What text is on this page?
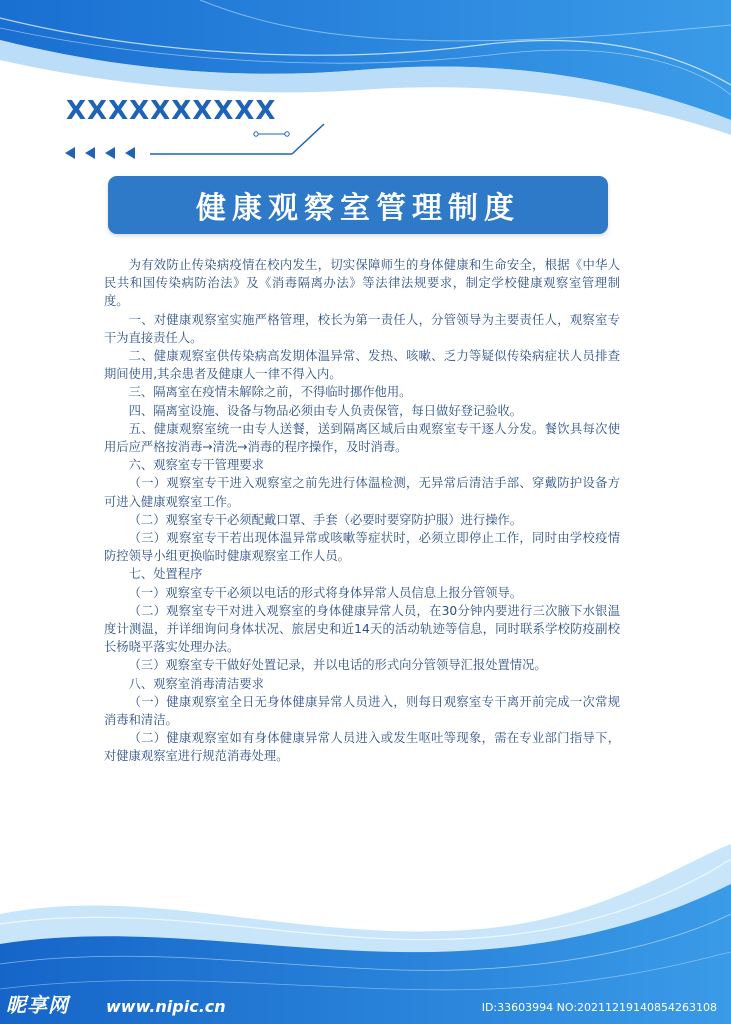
XXXXXXXXXX
健康观察室管理制度

为有效防止传染病疫情在校内发生，切实保障师生的身体健康和生命安全，根据《中华人民共和国传染病防治法》及《消毒隔离办法》等法律法规要求，制定学校健康观察室管理制度。

一、对健康观察室实施严格管理，校长为第一责任人，分管领导为主要责任人，观察室专干为直接责任人。

二、健康观察室供传染病高发期体温异常、发热、咳嗽、乏力等疑似传染病症状人员排查期间使用,其余患者及健康人一律不得入内。

三、隔离室在疫情未解除之前，不得临时挪作他用。

四、隔离室设施、设备与物品必须由专人负责保管，每日做好登记验收。

五、健康观察室统一由专人送餐，送到隔离区域后由观察室专干逐人分发。餐饮具每次使用后应严格按消毒→清洗→消毒的程序操作，及时消毒。

六、观察室专干管理要求

（一）观察室专干进入观察室之前先进行体温检测，无异常后清洁手部、穿戴防护设备方可进入健康观察室工作。

（二）观察室专干必须配戴口罩、手套（必要时要穿防护服）进行操作。

（三）观察室专干若出现体温异常或咳嗽等症状时，必须立即停止工作，同时由学校疫情防控领导小组更换临时健康观察室工作人员。

七、处置程序

（一）观察室专干必须以电话的形式将身体异常人员信息上报分管领导。

（二）观察室专干对进入观察室的身体健康异常人员，在30分钟内要进行三次腋下水银温度计测温，并详细询问身体状况、旅居史和近14天的活动轨迹等信息，同时联系学校防疫副校长杨晓平落实处理办法。

（三）观察室专干做好处置记录，并以电话的形式向分管领导汇报处置情况。

八、观察室消毒清洁要求

（一）健康观察室全日无身体健康异常人员进入，则每日观察室专干离开前完成一次常规消毒和清洁。

（二）健康观察室如有身体健康异常人员进入或发生呕吐等现象，需在专业部门指导下，对健康观察室进行规范消毒处理。

昵享网 www.nipic.cn	ID:33603994 NO:20211219140854263108
